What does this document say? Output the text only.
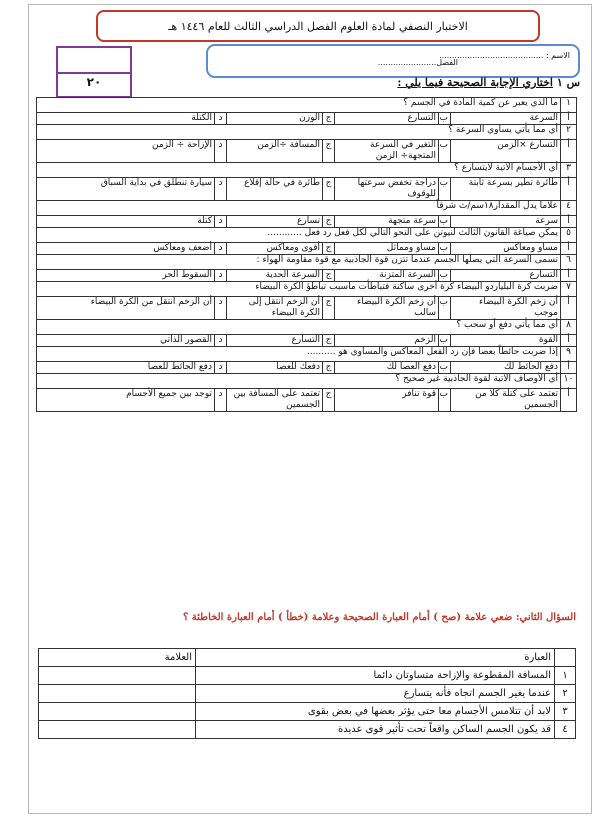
الاختبار النصفي لمادة العلوم الفصل الدراسي الثالث للعام ١٤٤٦ هـ
الاسم : .........................................
الفصل.......................
٢٠	س ١ اختاري الإجابة الصحيحة فيما يلي :
١	ما الذي يعبر عن كمية المادة في الجسم ؟						
أ	السرعة	ب	التسارع	ج	الوزن	د	الكتلة
٢	أي مما يأتي يساوي السرعة ؟						
أ	التسارع ×الزمن	ب	التغير في السرعة المتجهة÷ الزمن	ج	المسافة ÷الزمن	د	الإزاحة ÷ الزمن
٣	أي الأجسام الآتية لايتسارع ؟						
أ	طائرة تطير بسرعة ثابتة	ب	دراجة تخفض سرعتها للوقوف	ج	طائرة في حالة إقلاع	د	سيارة تنطلق في بداية السباق
٤	علاما يدل المقدار١٨سم/ث شرقاً						
أ	سرعة	ب	سرعة متجهة	ج	تسارع	د	كتلة
٥	يمكن صياغة القانون الثالث لنيوتن على النحو التالي لكل فعل رد فعل ............						
أ	مساو ومعاكس	ب	مساو ومماثل	ج	أقوى ومعاكس	د	أضعف ومعاكس
٦	تسمى السرعة التي يصلها الجسم عندما تتزن قوة الجاذبية مع قوة مقاومة الهواء :						
أ	التسارع	ب	السرعة المتزنة	ج	السرعة الحدية	د	السقوط الحر
٧	ضربت كرة البلياردو البيضاء كرة أخرى ساكنة فتباطأت ماسبب تباطؤ الكرة البيضاء						
أ	أن زخم الكرة البيضاء موجب	ب	أن زخم الكرة البيضاء سالب	ج	أن الزخم انتقل إلى الكرة البيضاء	د	أن الزخم انتقل من الكرة البيضاء
٨	أي مما يأتي دفع أو سحب ؟						
أ	القوة	ب	الزخم	ج	التسارع	د	القصور الذاتي
٩	إذا ضربت حائطاً بعصا فإن رد الفعل المعاكس والمساوي هو ..........						
أ	دفع الحائط لك	ب	دفع العصا لك	ج	دفعك للعصا	د	دفع الحائط للعصا
١٠	أي الأوصاف الآتية لقوة الجاذبية غير صحيح ؟						
أ	تعتمد على كتلة كلا من الجسمين	ب	قوة تنافر	ج	تعتمد على المسافة بين الجسمين	د	توجد بين جميع الأجسام
السؤال الثاني: ضعي علامة (صح ) أمام العبارة الصحيحة وعلامة (خطأ ) أمام العبارة الخاطئة ؟
	العبارة	العلامة
١	المسافة المقطوعة والإزاحة متساوتان دائما	
٢	عندما يغير الجسم اتجاه فأنه يتسارع	
٣	لابد أن تتلامس الأجسام معا حتى يؤثر بعضها في بعض بقوى	
٤	قد يكون الجسم الساكن واقعاً تحت تأثير قوى عديدة	
